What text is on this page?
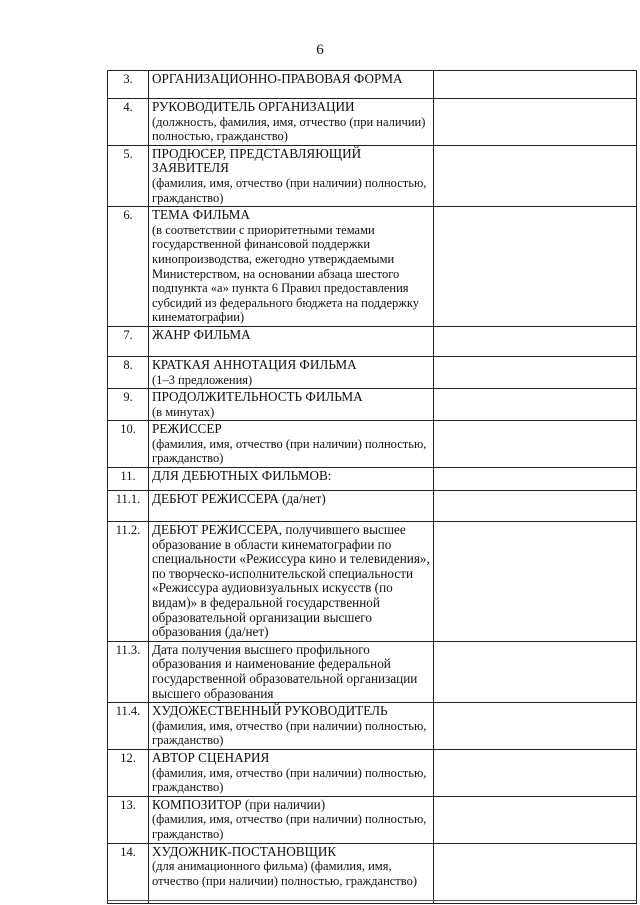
6
3.	ОРГАНИЗАЦИОННО-ПРАВОВАЯ ФОРМА	

4.	РУКОВОДИТЕЛЬ ОРГАНИЗАЦИИ
(должность, фамилия, имя, отчество (при наличии) полностью, гражданство)	

5.	ПРОДЮСЕР, ПРЕДСТАВЛЯЮЩИЙ ЗАЯВИТЕЛЯ
(фамилия, имя, отчество (при наличии) полностью, гражданство)	

6.	ТЕМА ФИЛЬМА
(в соответствии с приоритетными темами государственной финансовой поддержки кинопроизводства, ежегодно утверждаемыми Министерством, на основании абзаца шестого подпункта «а» пункта 6 Правил предоставления субсидий из федерального бюджета на поддержку кинематографии)	

7.	ЖАНР ФИЛЬМА	

8.	КРАТКАЯ АННОТАЦИЯ ФИЛЬМА
(1–3 предложения)	

9.	ПРОДОЛЖИТЕЛЬНОСТЬ ФИЛЬМА
(в минутах)	

10.	РЕЖИССЕР
(фамилия, имя, отчество (при наличии) полностью, гражданство)	

11.	ДЛЯ ДЕБЮТНЫХ ФИЛЬМОВ:	

11.1.	ДЕБЮТ РЕЖИССЕРА (да/нет)	

11.2.	ДЕБЮТ РЕЖИССЕРА, получившего высшее образование в области кинематографии по специальности «Режиссура кино и телевидения», по творческо-исполнительской специальности «Режиссура аудиовизуальных искусств (по видам)» в федеральной государственной образовательной организации высшего образования (да/нет)	

11.3.	Дата получения высшего профильного образования и наименование федеральной государственной образовательной организации высшего образования	

11.4.	ХУДОЖЕСТВЕННЫЙ РУКОВОДИТЕЛЬ
(фамилия, имя, отчество (при наличии) полностью, гражданство)	

12.	АВТОР СЦЕНАРИЯ
(фамилия, имя, отчество (при наличии) полностью, гражданство)	

13.	КОМПОЗИТОР (при наличии)
(фамилия, имя, отчество (при наличии) полностью, гражданство)	

14.	ХУДОЖНИК-ПОСТАНОВЩИК
(для анимационного фильма) (фамилия, имя, отчество (при наличии) полностью, гражданство)	
